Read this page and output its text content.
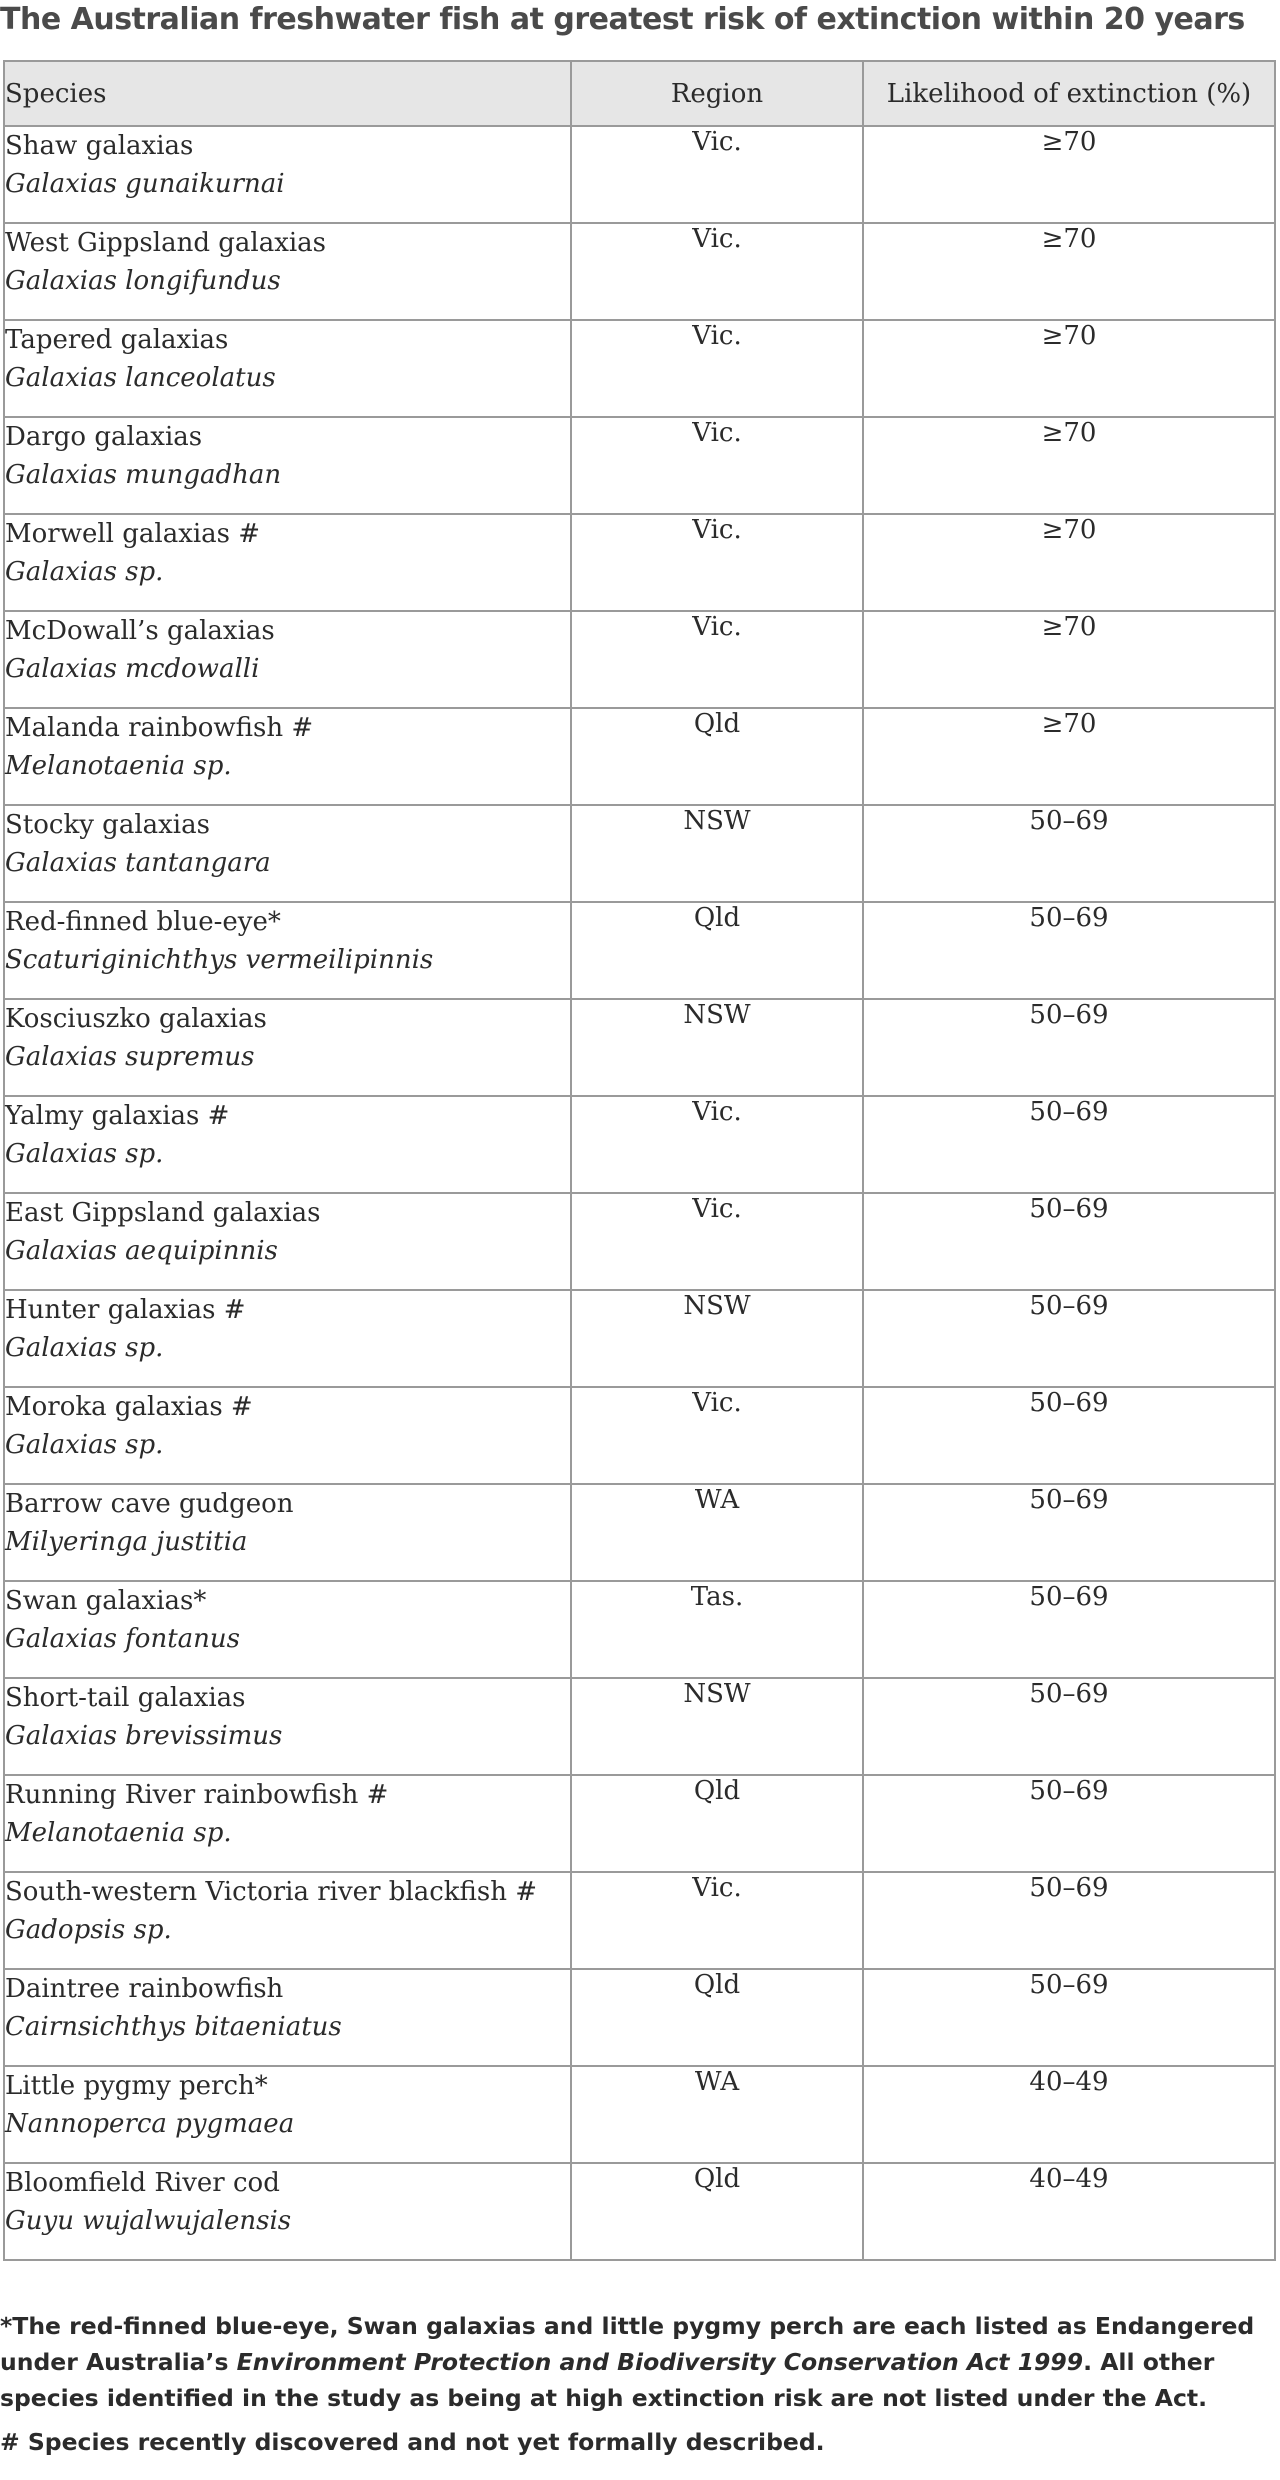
The Australian freshwater fish at greatest risk of extinction within 20 years
Species	Region	Likelihood of extinction (%)

Shaw galaxias
Galaxias gunaikurnai	Vic.	≥70

West Gippsland galaxias
Galaxias longifundus	Vic.	≥70

Tapered galaxias
Galaxias lanceolatus	Vic.	≥70

Dargo galaxias
Galaxias mungadhan	Vic.	≥70

Morwell galaxias #
Galaxias sp.	Vic.	≥70

McDowall’s galaxias
Galaxias mcdowalli	Vic.	≥70

Malanda rainbowfish #
Melanotaenia sp.	Qld	≥70

Stocky galaxias
Galaxias tantangara	NSW	50–69

Red-finned blue-eye*
Scaturiginichthys vermeilipinnis	Qld	50–69

Kosciuszko galaxias
Galaxias supremus	NSW	50–69

Yalmy galaxias #
Galaxias sp.	Vic.	50–69

East Gippsland galaxias
Galaxias aequipinnis	Vic.	50–69

Hunter galaxias #
Galaxias sp.	NSW	50–69

Moroka galaxias #
Galaxias sp.	Vic.	50–69

Barrow cave gudgeon
Milyeringa justitia	WA	50–69

Swan galaxias*
Galaxias fontanus	Tas.	50–69

Short-tail galaxias
Galaxias brevissimus	NSW	50–69

Running River rainbowfish #
Melanotaenia sp.	Qld	50–69

South-western Victoria river blackfish #
Gadopsis sp.	Vic.	50–69

Daintree rainbowfish
Cairnsichthys bitaeniatus	Qld	50–69

Little pygmy perch*
Nannoperca pygmaea	WA	40–49

Bloomfield River cod
Guyu wujalwujalensis	Qld	40–49

*The red-finned blue-eye, Swan galaxias and little pygmy perch are each listed as Endangered under Australia’s Environment Protection and Biodiversity Conservation Act 1999. All other species identified in the study as being at high extinction risk are not listed under the Act.

# Species recently discovered and not yet formally described.
